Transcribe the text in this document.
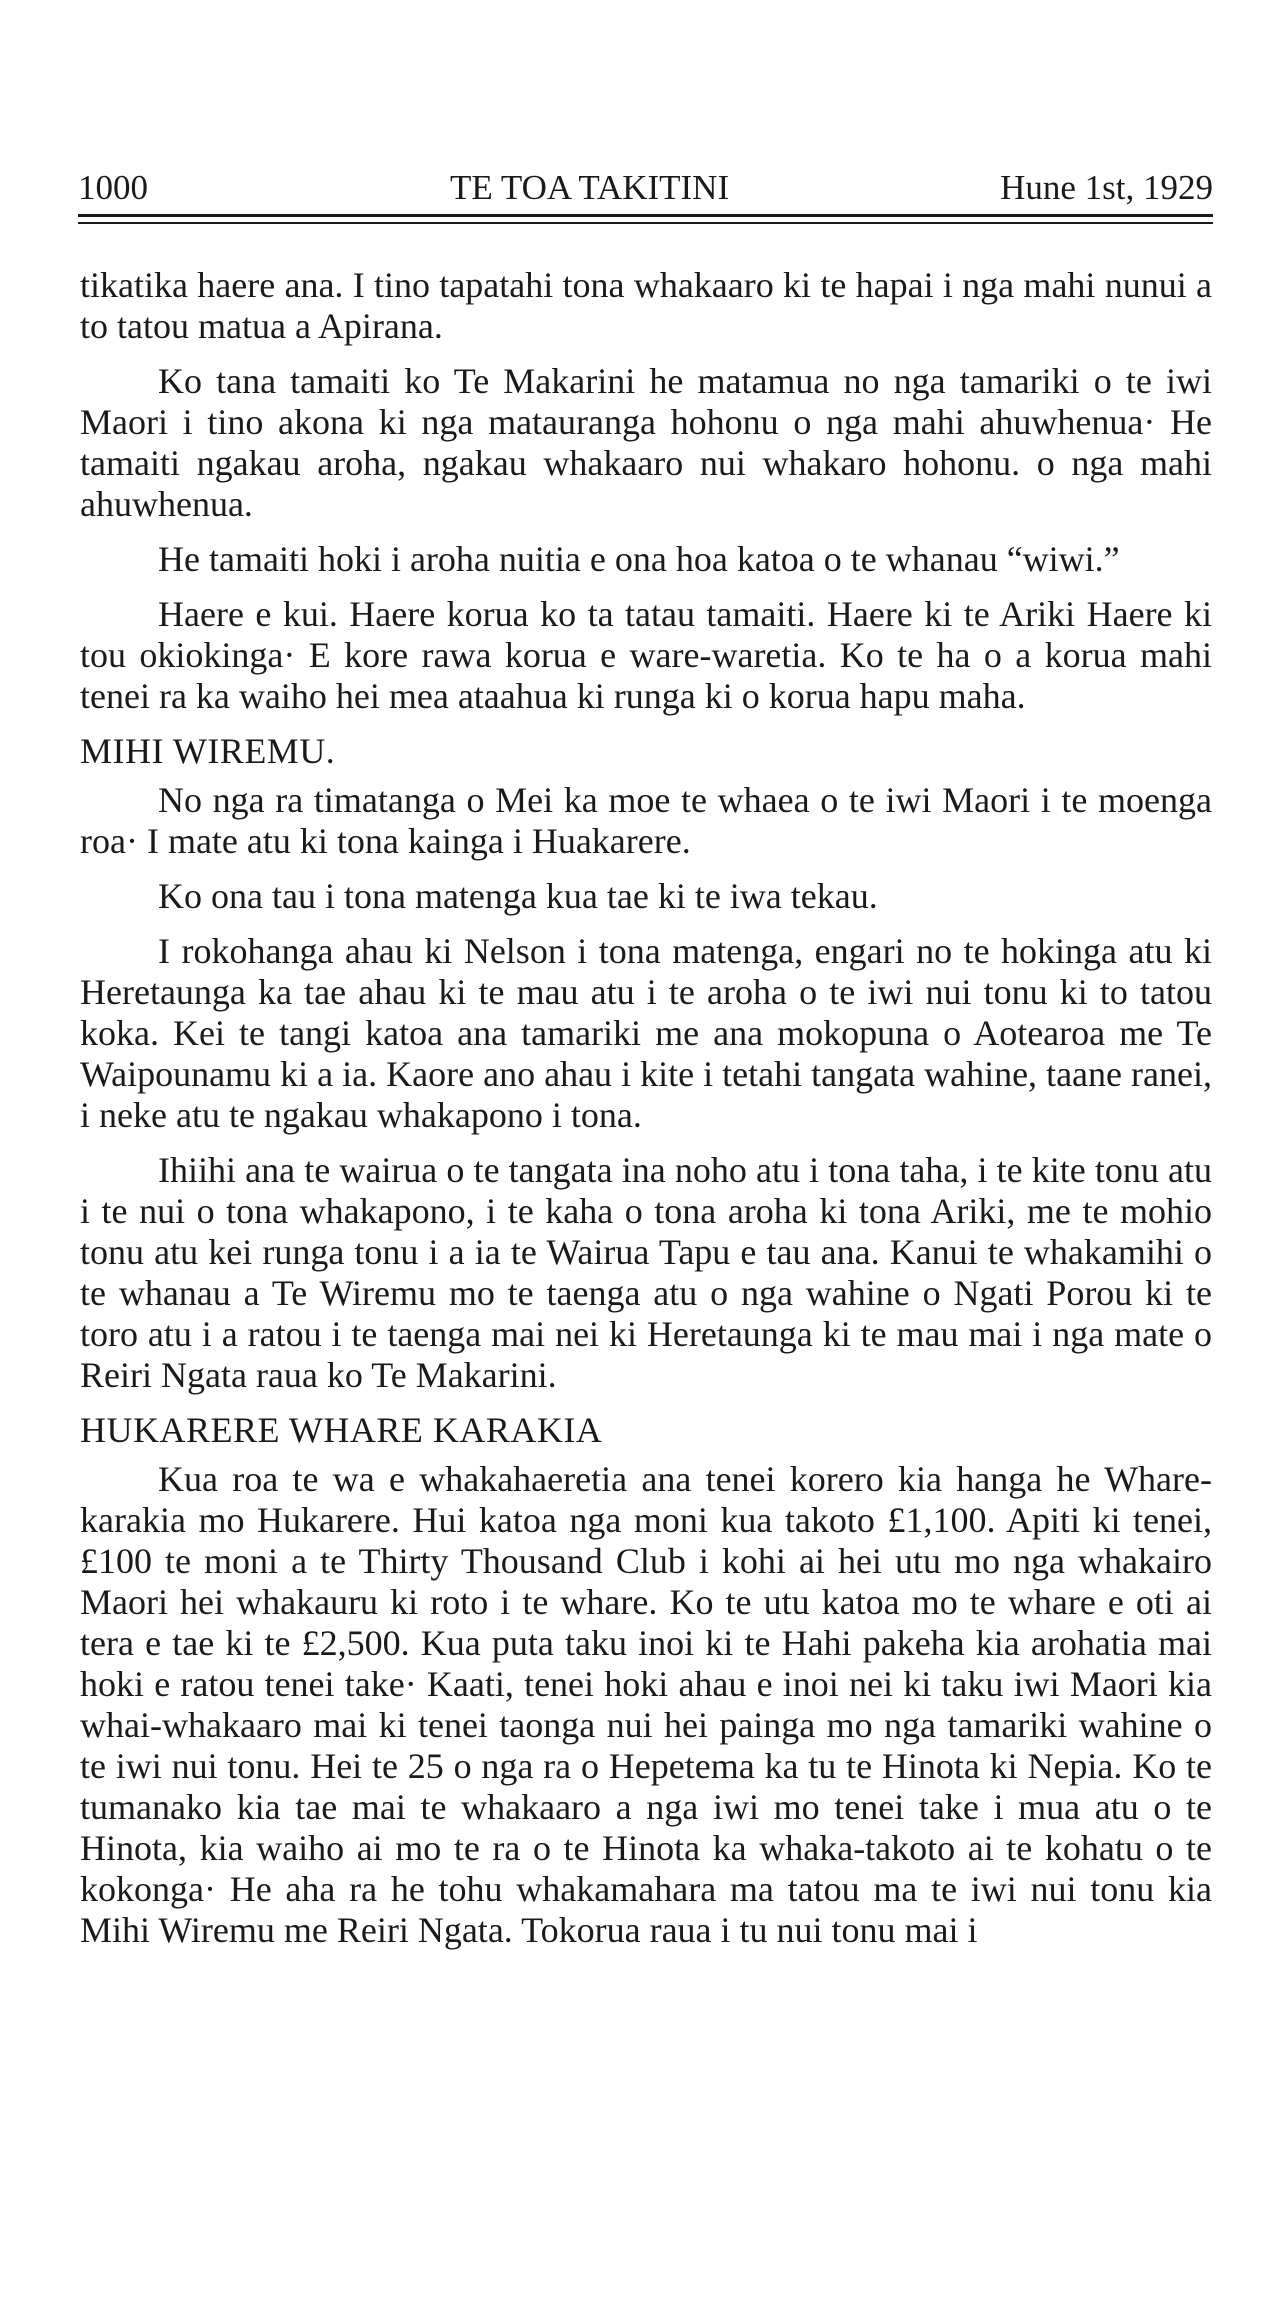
1000	TE TOA TAKITINI	Hune 1st, 1929

tikatika haere ana. I tino tapatahi tona whakaaro ki te hapai i nga mahi nunui a to tatou matua a Apirana.

Ko tana tamaiti ko Te Makarini he matamua no nga tamariki o te iwi Maori i tino akona ki nga matauranga hohonu o nga mahi ahuwhenua· He tamaiti ngakau aroha, ngakau whakaaro nui whakaro hohonu. o nga mahi ahuwhenua.

He tamaiti hoki i aroha nuitia e ona hoa katoa o te whanau “wiwi.”

Haere e kui. Haere korua ko ta tatau tamaiti. Haere ki te Ariki Haere ki tou okiokinga· E kore rawa korua e ware-waretia. Ko te ha o a korua mahi tenei ra ka waiho hei mea ataahua ki runga ki o korua hapu maha.

MIHI WIREMU.

No nga ra timatanga o Mei ka moe te whaea o te iwi Maori i te moenga roa· I mate atu ki tona kainga i Huakarere.

Ko ona tau i tona matenga kua tae ki te iwa tekau.

I rokohanga ahau ki Nelson i tona matenga, engari no te hokinga atu ki Heretaunga ka tae ahau ki te mau atu i te aroha o te iwi nui tonu ki to tatou koka. Kei te tangi katoa ana tamariki me ana mokopuna o Aotearoa me Te Waipounamu ki a ia. Kaore ano ahau i kite i tetahi tangata wahine, taane ranei, i neke atu te ngakau whakapono i tona.

Ihiihi ana te wairua o te tangata ina noho atu i tona taha, i te kite tonu atu i te nui o tona whakapono, i te kaha o tona aroha ki tona Ariki, me te mohio tonu atu kei runga tonu i a ia te Wairua Tapu e tau ana. Kanui te whakamihi o te whanau a Te Wiremu mo te taenga atu o nga wahine o Ngati Porou ki te toro atu i a ratou i te taenga mai nei ki Heretaunga ki te mau mai i nga mate o Reiri Ngata raua ko Te Makarini.

HUKARERE WHARE KARAKIA

Kua roa te wa e whakahaeretia ana tenei korero kia hanga he Whare-karakia mo Hukarere. Hui katoa nga moni kua takoto £1,100. Apiti ki tenei, £100 te moni a te Thirty Thousand Club i kohi ai hei utu mo nga whakairo Maori hei whakauru ki roto i te whare. Ko te utu katoa mo te whare e oti ai tera e tae ki te £2,500. Kua puta taku inoi ki te Hahi pakeha kia arohatia mai hoki e ratou tenei take· Kaati, tenei hoki ahau e inoi nei ki taku iwi Maori kia whai-whakaaro mai ki tenei taonga nui hei painga mo nga tamariki wahine o te iwi nui tonu. Hei te 25 o nga ra o Hepetema ka tu te Hinota ki Nepia. Ko te tumanako kia tae mai te whakaaro a nga iwi mo tenei take i mua atu o te Hinota, kia waiho ai mo te ra o te Hinota ka whaka-takoto ai te kohatu o te kokonga· He aha ra he tohu whakamahara ma tatou ma te iwi nui tonu kia Mihi Wiremu me Reiri Ngata. Tokorua raua i tu nui tonu mai i
